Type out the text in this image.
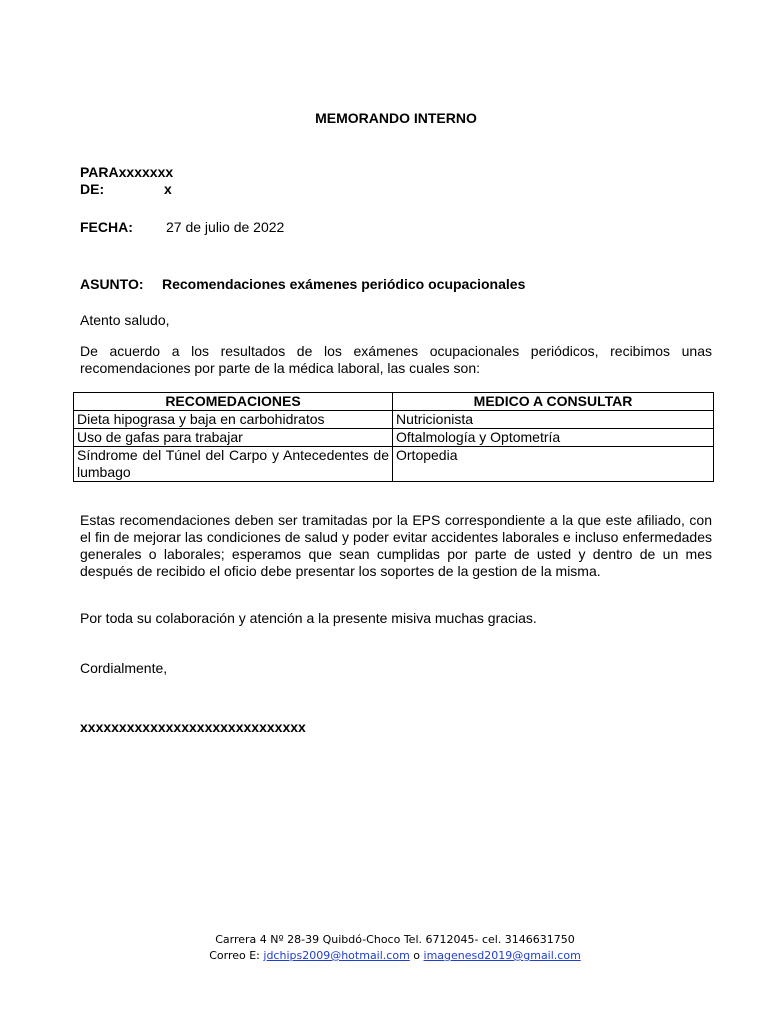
MEMORANDO INTERNO
PARAxxxxxxx
DE:	x
FECHA: 27 de julio de 2022
ASUNTO: Recomendaciones exámenes periódico ocupacionales
Atento saludo,
De acuerdo a los resultados de los exámenes ocupacionales periódicos, recibimos unas recomendaciones por parte de la médica laboral, las cuales son:
RECOMEDACIONES	MEDICO A CONSULTAR
Dieta hipograsa y baja en carbohidratos	Nutricionista
Uso de gafas para trabajar	Oftalmología y Optometría
Síndrome del Túnel del Carpo y Antecedentes de lumbago	Ortopedia
Estas recomendaciones deben ser tramitadas por la EPS correspondiente a la que este afiliado, con el fin de mejorar las condiciones de salud y poder evitar accidentes laborales e incluso enfermedades generales o laborales; esperamos que sean cumplidas por parte de usted y dentro de un mes después de recibido el oficio debe presentar los soportes de la gestion de la misma.
Por toda su colaboración y atención a la presente misiva muchas gracias.
Cordialmente,
xxxxxxxxxxxxxxxxxxxxxxxxxxxxx
Carrera 4 Nº 28-39 Quibdó-Choco Tel. 6712045- cel. 3146631750
Correo E: jdchips2009@hotmail.com o imagenesd2019@gmail.com
